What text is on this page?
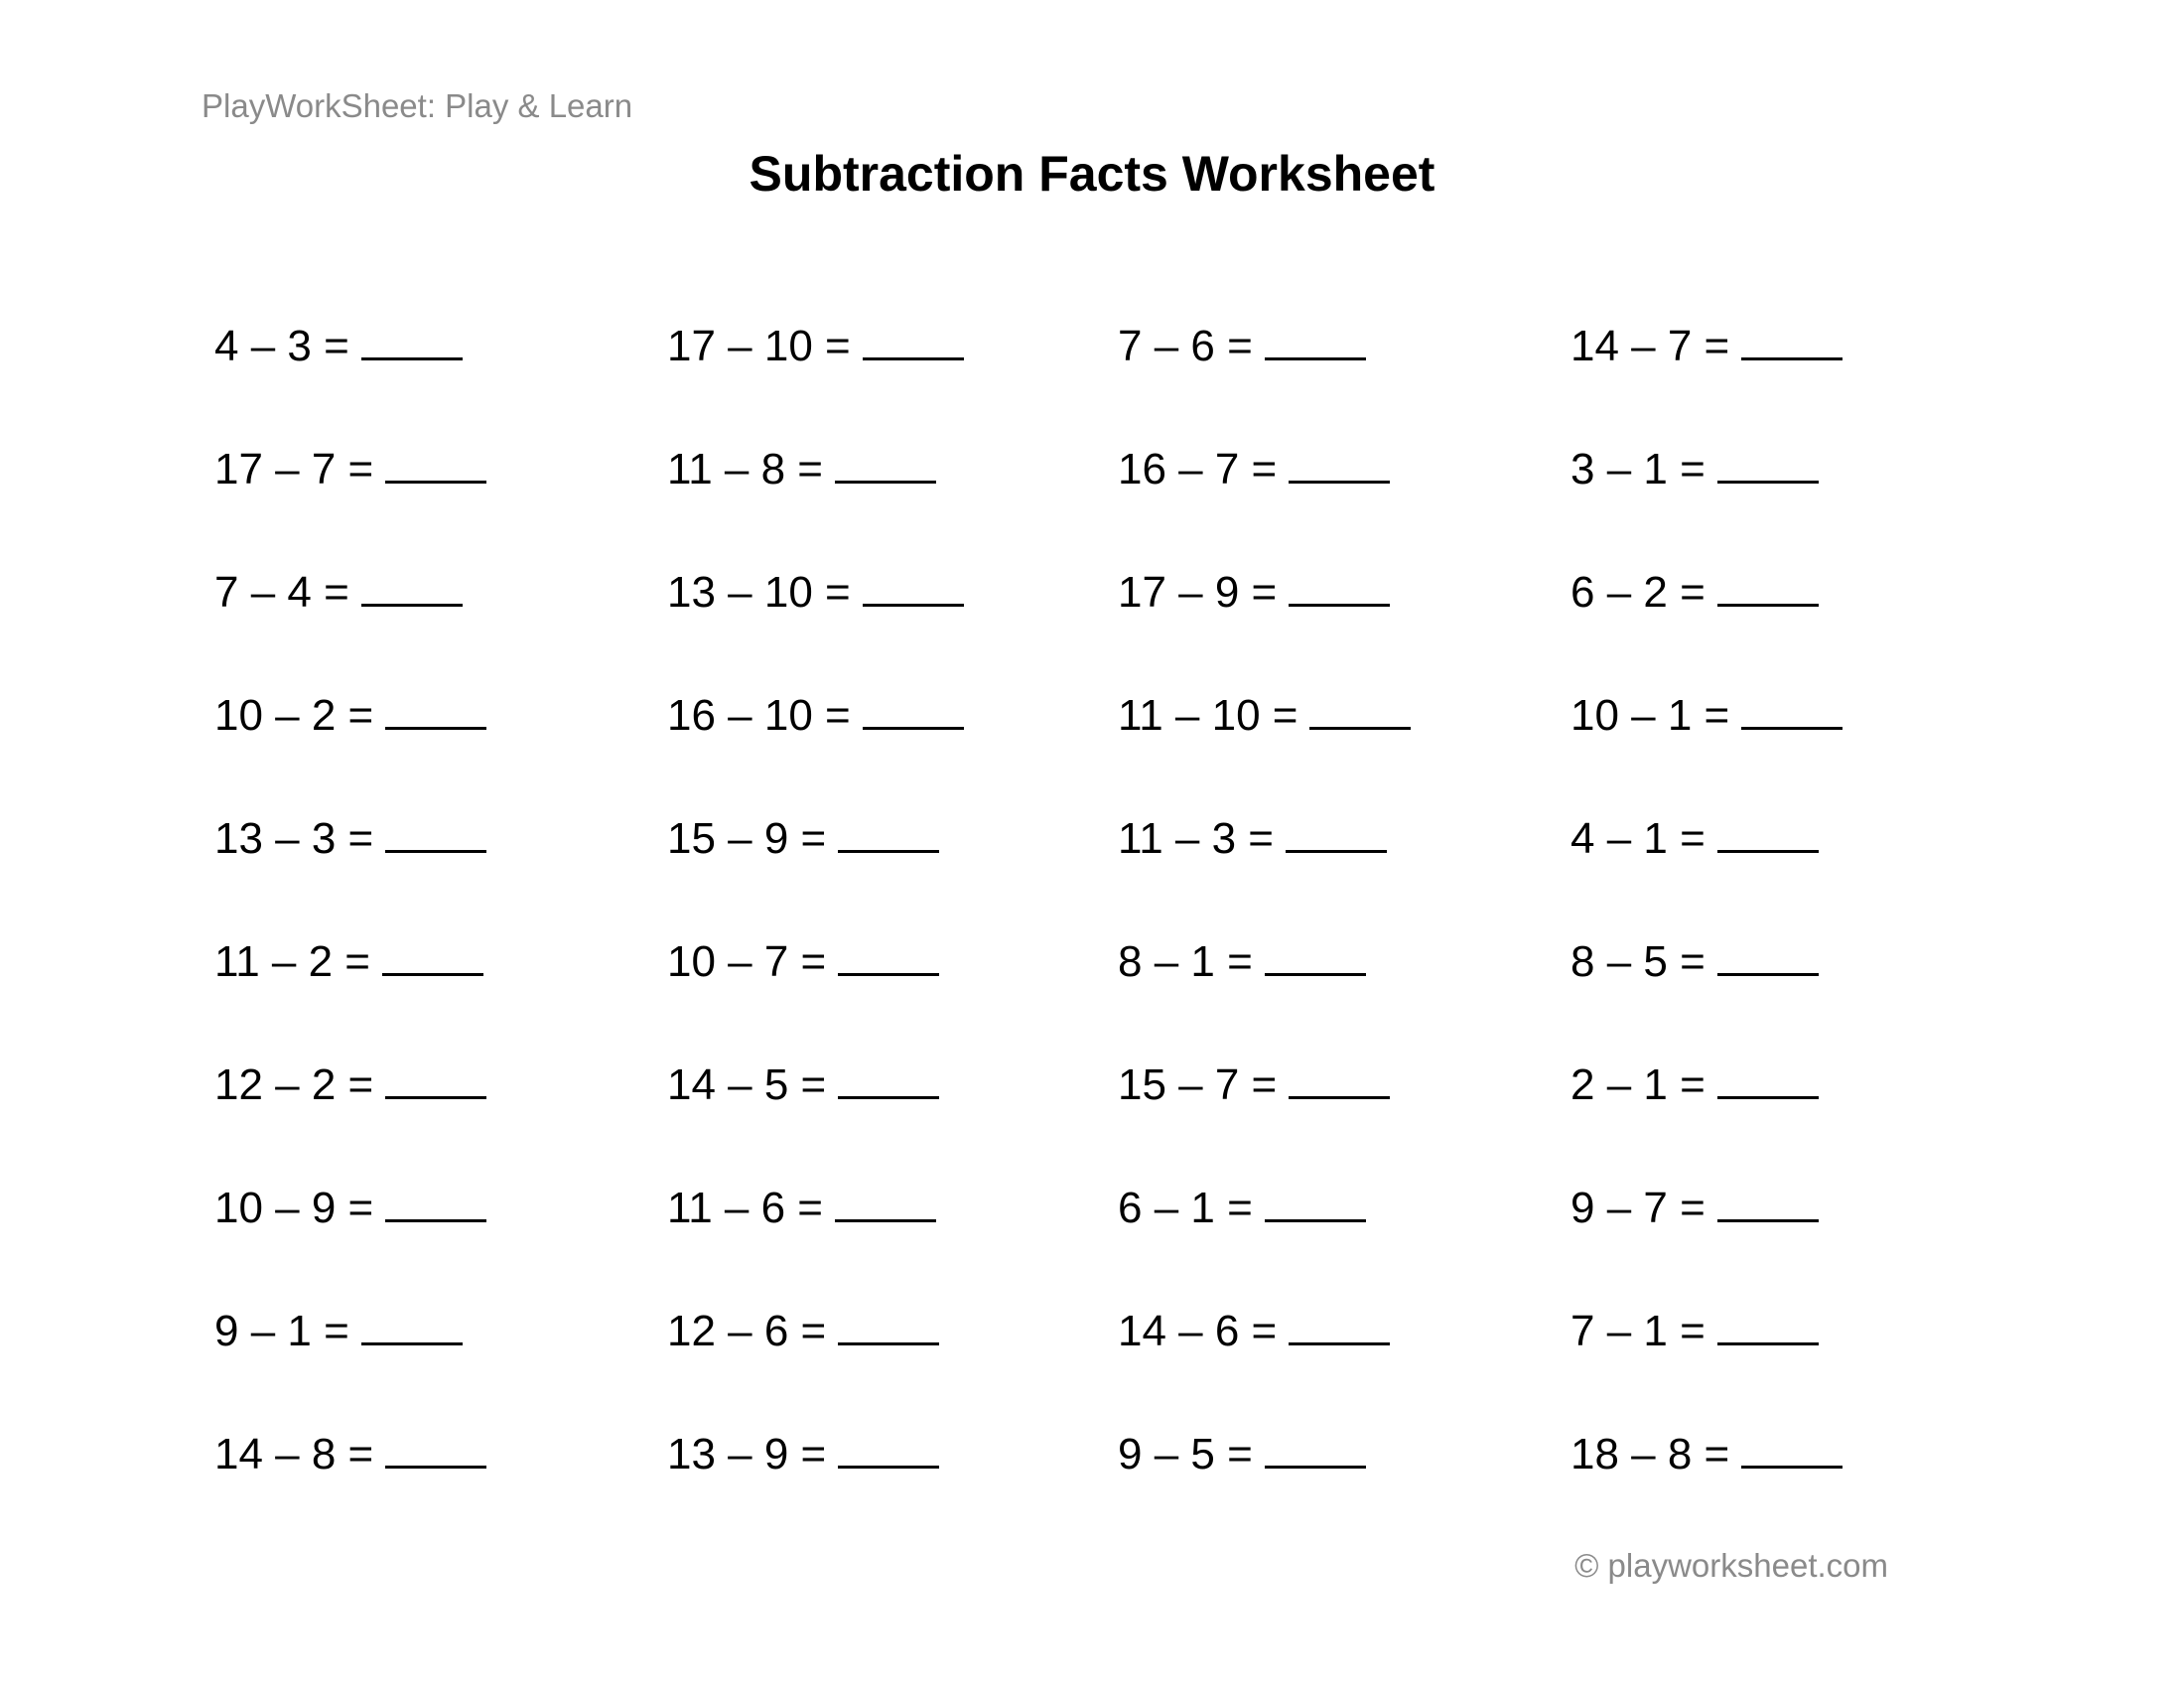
PlayWorkSheet: Play & Learn
Subtraction Facts Worksheet
4 – 3 =
17 – 7 =
7 – 4 =
10 – 2 =
13 – 3 =
11 – 2 =
12 – 2 =
10 – 9 =
9 – 1 =
14 – 8 =
17 – 10 =
11 – 8 =
13 – 10 =
16 – 10 =
15 – 9 =
10 – 7 =
14 – 5 =
11 – 6 =
12 – 6 =
13 – 9 =
7 – 6 =
16 – 7 =
17 – 9 =
11 – 10 =
11 – 3 =
8 – 1 =
15 – 7 =
6 – 1 =
14 – 6 =
9 – 5 =
14 – 7 =
3 – 1 =
6 – 2 =
10 – 1 =
4 – 1 =
8 – 5 =
2 – 1 =
9 – 7 =
7 – 1 =
18 – 8 =
© playworksheet.com
